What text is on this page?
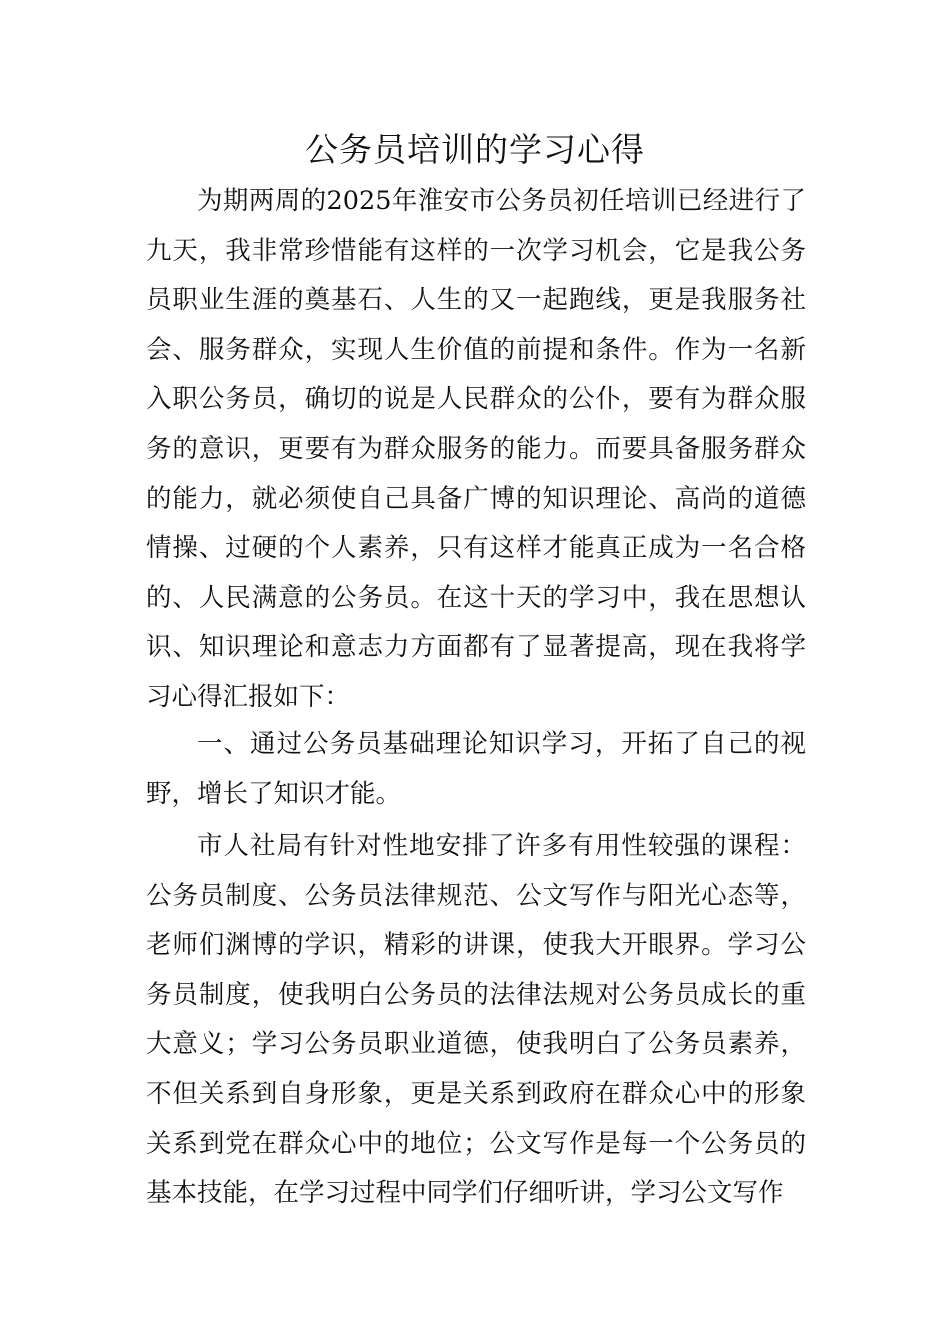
公务员培训的学习心得

为期两周的2025年淮安市公务员初任培训已经进行了九天，我非常珍惜能有这样的一次学习机会，它是我公务员职业生涯的奠基石、人生的又一起跑线，更是我服务社会、服务群众，实现人生价值的前提和条件。作为一名新入职公务员，确切的说是人民群众的公仆，要有为群众服务的意识，更要有为群众服务的能力。而要具备服务群众的能力，就必须使自己具备广博的知识理论、高尚的道德情操、过硬的个人素养，只有这样才能真正成为一名合格的、人民满意的公务员。在这十天的学习中，我在思想认识、知识理论和意志力方面都有了显著提高，现在我将学习心得汇报如下：

一、通过公务员基础理论知识学习，开拓了自己的视野，增长了知识才能。

市人社局有针对性地安排了许多有用性较强的课程：公务员制度、公务员法律规范、公文写作与阳光心态等，老师们渊博的学识，精彩的讲课，使我大开眼界。学习公务员制度，使我明白公务员的法律法规对公务员成长的重大意义；学习公务员职业道德，使我明白了公务员素养，不但关系到自身形象，更是关系到政府在群众心中的形象关系到党在群众心中的地位；公文写作是每一个公务员的基本技能，在学习过程中同学们仔细听讲，学习公文写作
